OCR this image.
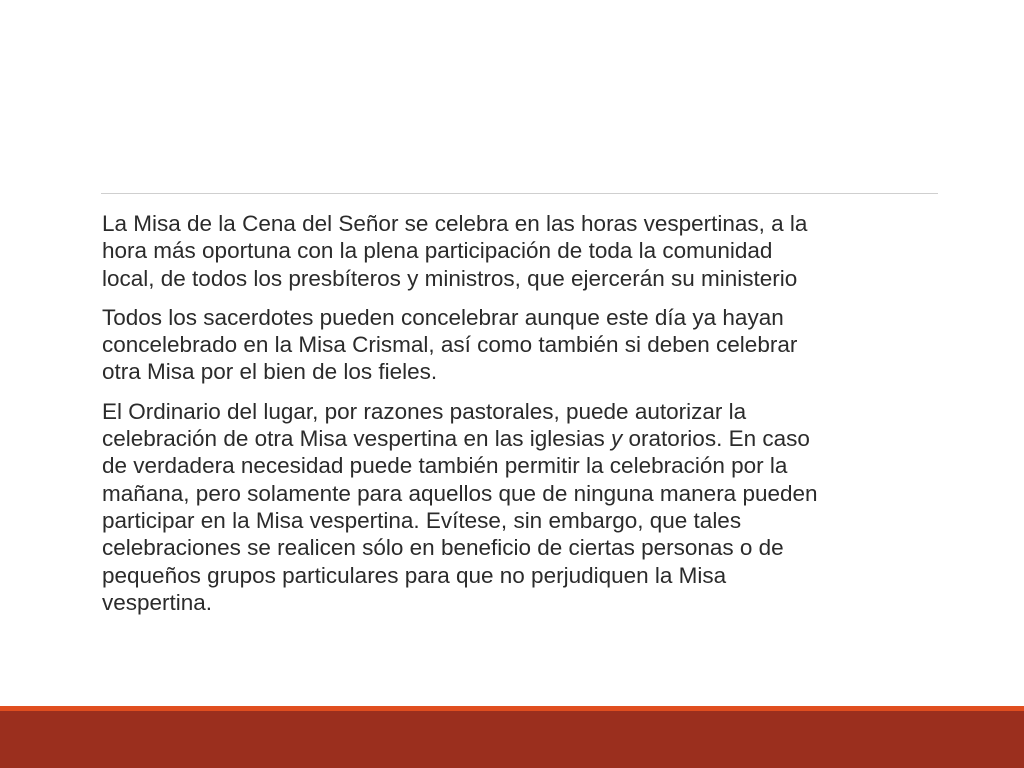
La Misa de la Cena del Señor se celebra en las horas vespertinas, a la
hora más oportuna con la plena participación de toda la comunidad
local, de todos los presbíteros y ministros, que ejercerán su ministerio

Todos los sacerdotes pueden concelebrar aunque este día ya hayan
concelebrado en la Misa Crismal, así como también si deben celebrar
otra Misa por el bien de los fieles.

El Ordinario del lugar, por razones pastorales, puede autorizar la
celebración de otra Misa vespertina en las iglesias y oratorios. En caso
de verdadera necesidad puede también permitir la celebración por la
mañana, pero solamente para aquellos que de ninguna manera pueden
participar en la Misa vespertina. Evítese, sin embargo, que tales
celebraciones se realicen sólo en beneficio de ciertas personas o de
pequeños grupos particulares para que no perjudiquen la Misa
vespertina.
